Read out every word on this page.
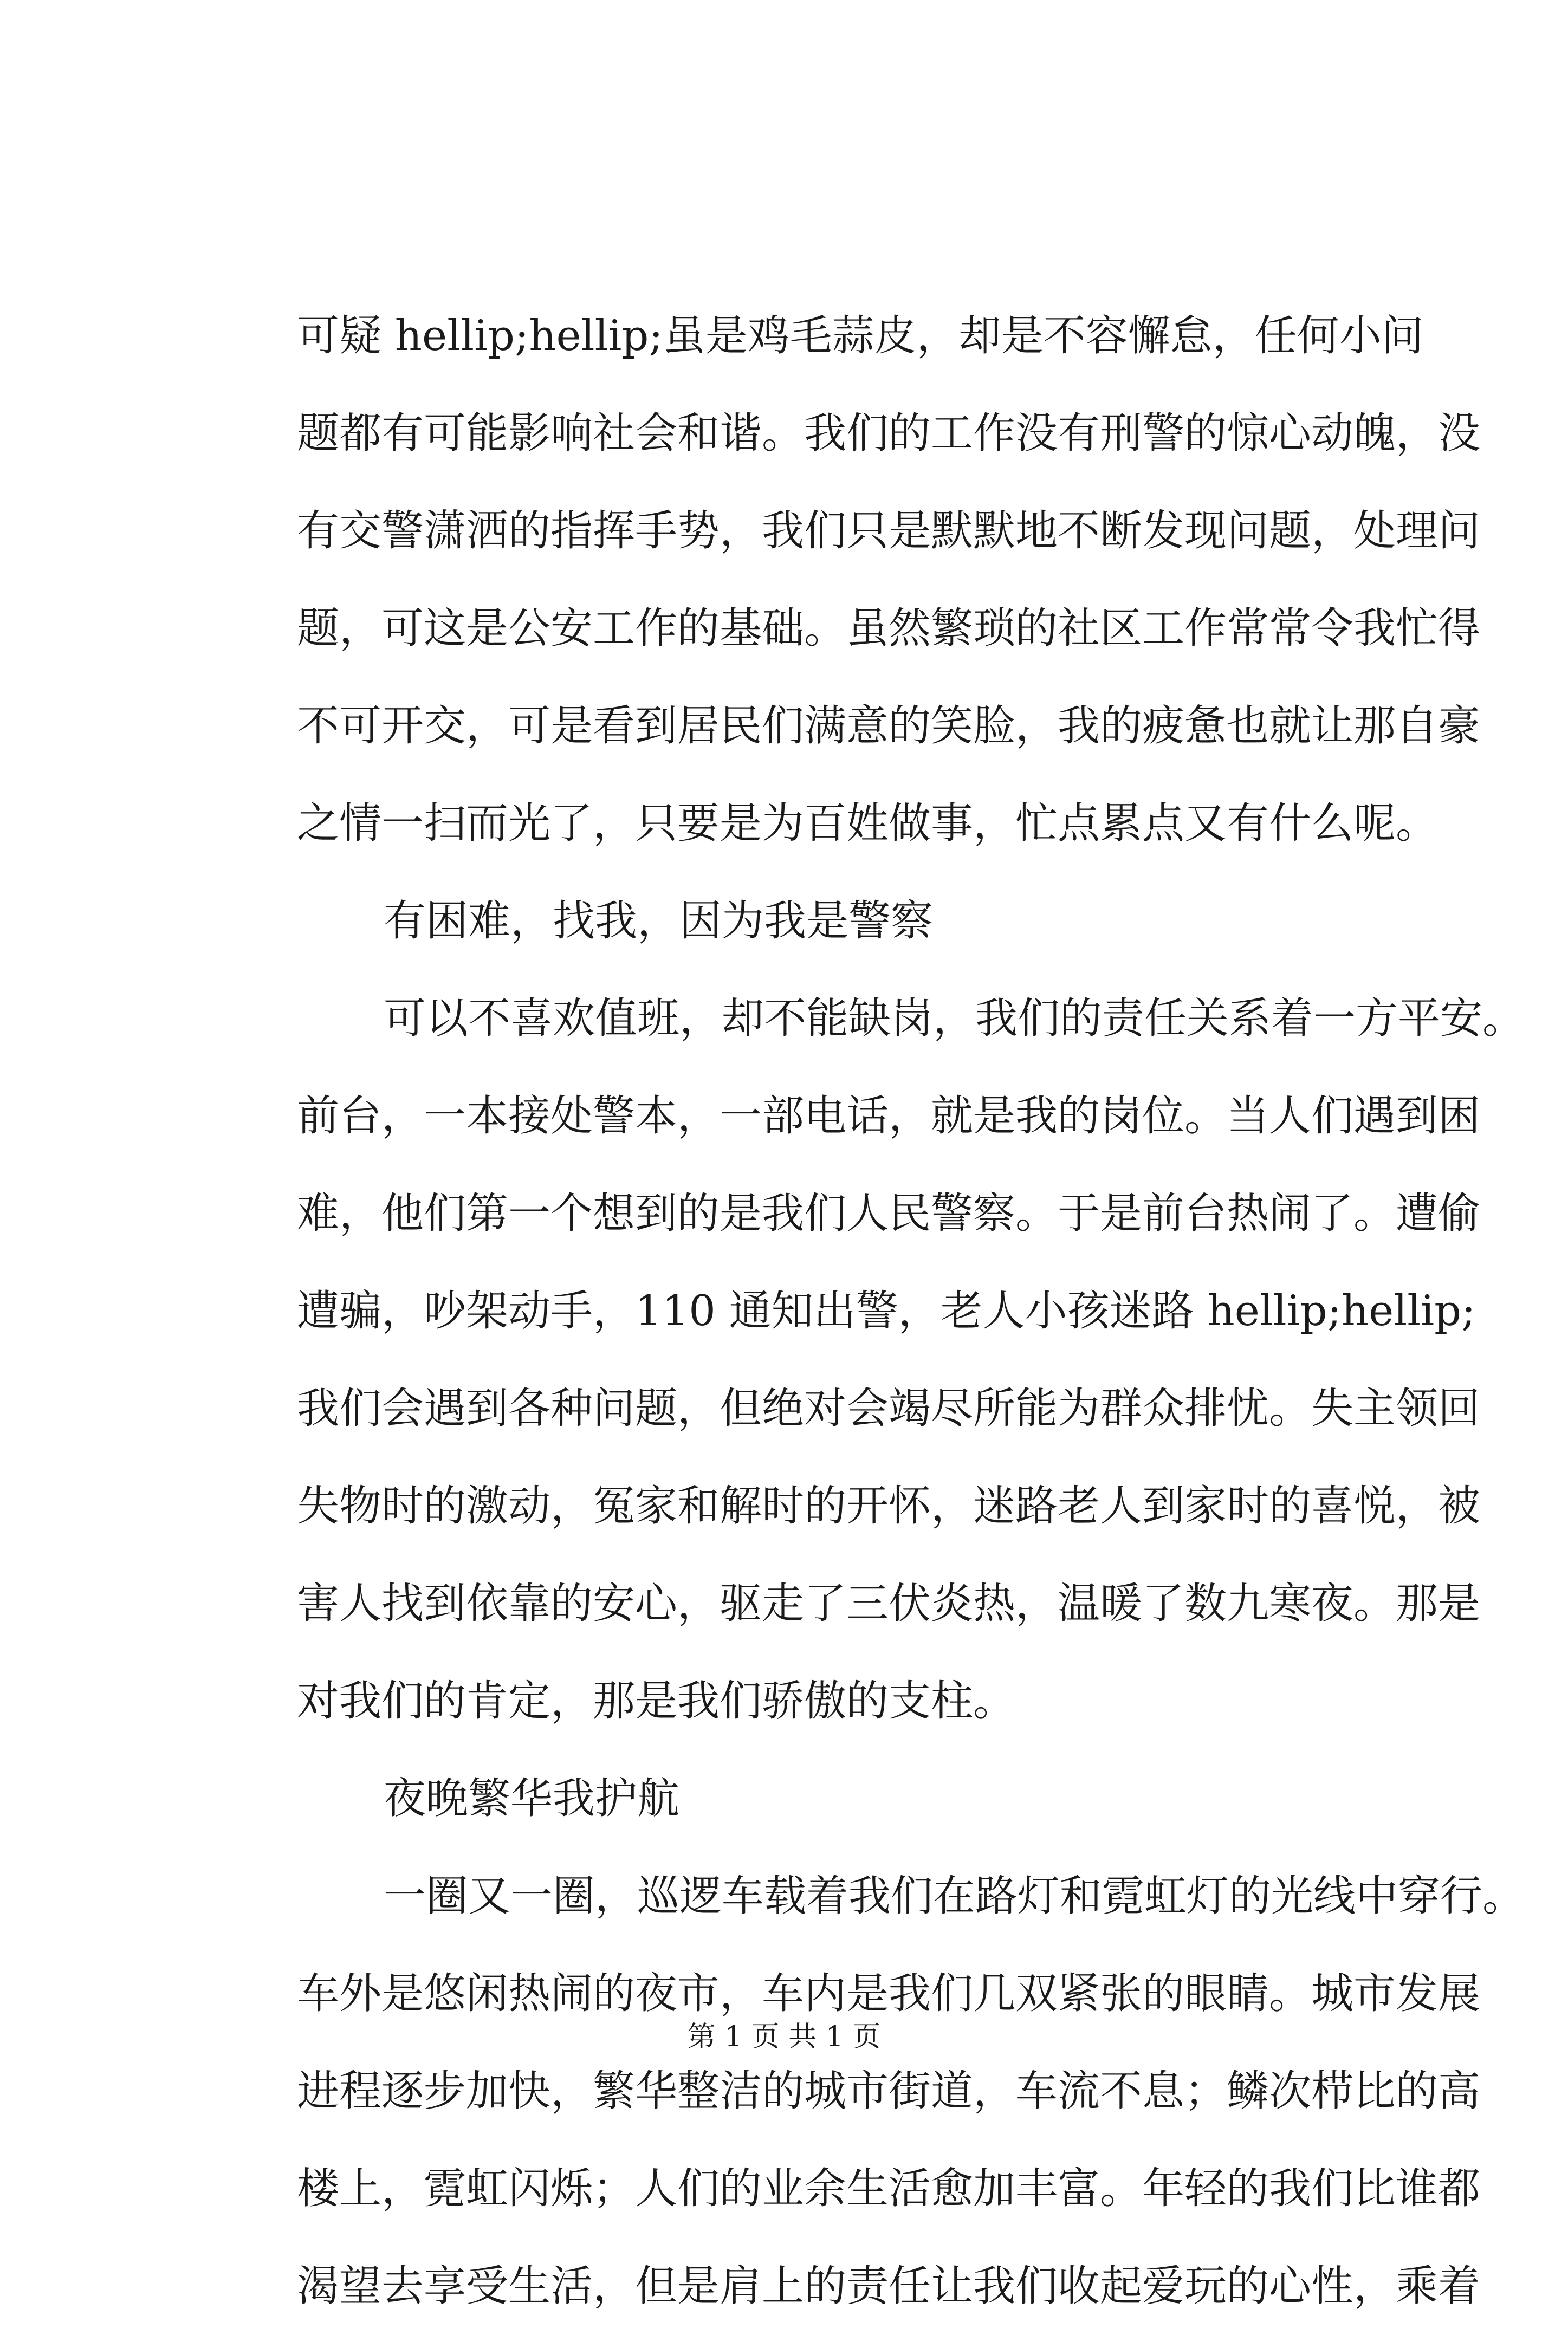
可疑 hellip;hellip;虽是鸡毛蒜皮，却是不容懈怠，任何小问
题都有可能影响社会和谐。我们的工作没有刑警的惊心动魄，没
有交警潇洒的指挥手势，我们只是默默地不断发现问题，处理问
题，可这是公安工作的基础。虽然繁琐的社区工作常常令我忙得
不可开交，可是看到居民们满意的笑脸，我的疲惫也就让那自豪
之情一扫而光了，只要是为百姓做事，忙点累点又有什么呢。
有困难，找我，因为我是警察
可以不喜欢值班，却不能缺岗，我们的责任关系着一方平安。
前台，一本接处警本，一部电话，就是我的岗位。当人们遇到困
难，他们第一个想到的是我们人民警察。于是前台热闹了。遭偷
遭骗，吵架动手，110 通知出警，老人小孩迷路 hellip;hellip;
我们会遇到各种问题，但绝对会竭尽所能为群众排忧。失主领回
失物时的激动，冤家和解时的开怀，迷路老人到家时的喜悦，被
害人找到依靠的安心，驱走了三伏炎热，温暖了数九寒夜。那是
对我们的肯定，那是我们骄傲的支柱。
夜晚繁华我护航
一圈又一圈，巡逻车载着我们在路灯和霓虹灯的光线中穿行。
车外是悠闲热闹的夜市，车内是我们几双紧张的眼睛。城市发展
进程逐步加快，繁华整洁的城市街道，车流不息；鳞次栉比的高
楼上，霓虹闪烁；人们的业余生活愈加丰富。年轻的我们比谁都
渴望去享受生活，但是肩上的责任让我们收起爱玩的心性，乘着
第 1 页 共 1 页
